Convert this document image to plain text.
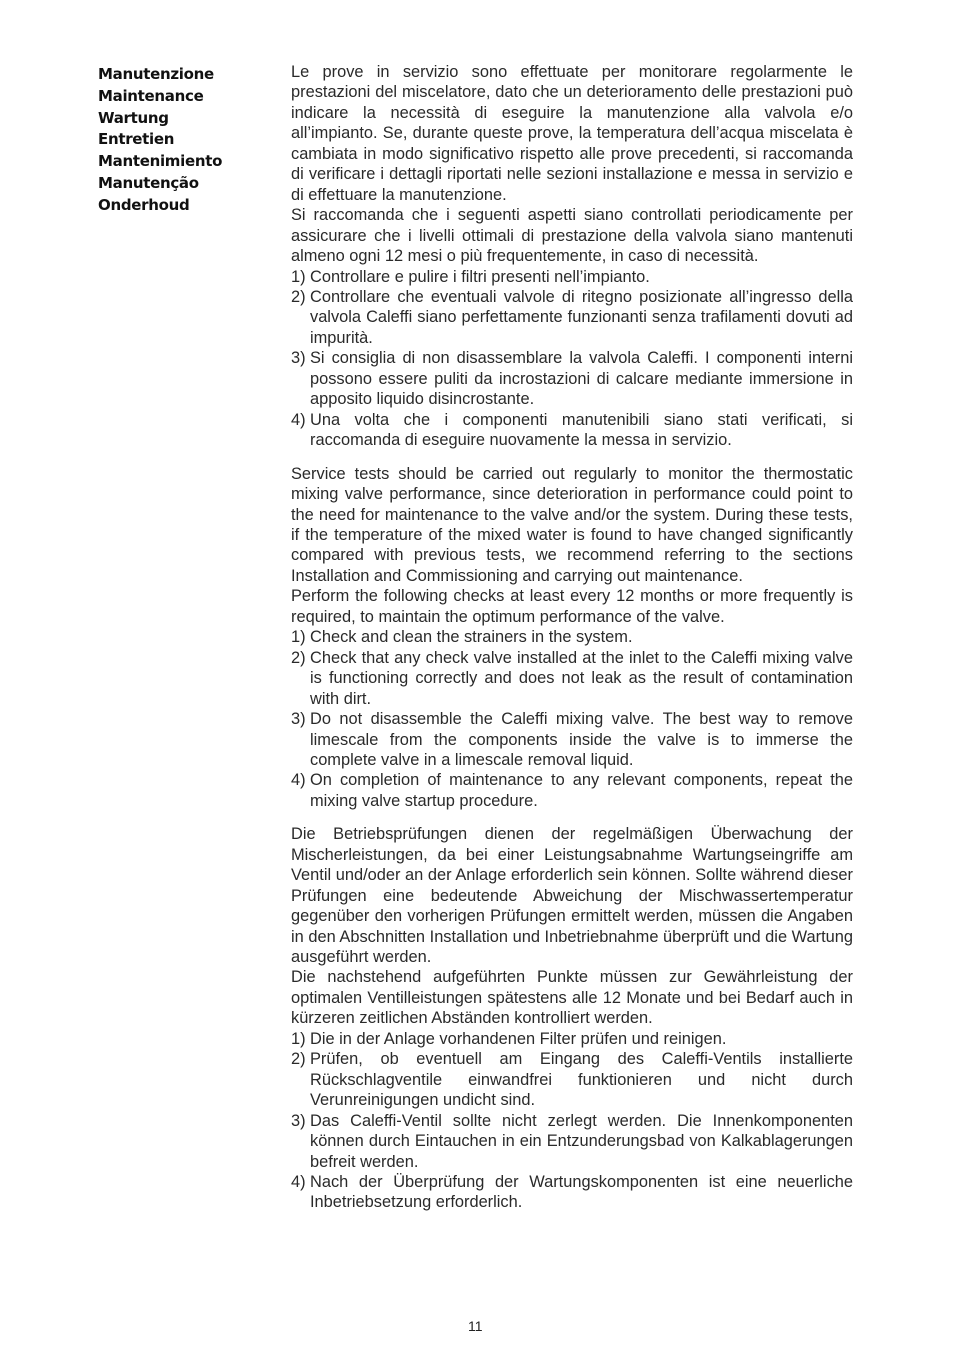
Manutenzione
Maintenance
Wartung
Entretien
Mantenimiento
Manutenção
Onderhoud

Le prove in servizio sono effettuate per monitorare regolarmente le prestazioni del miscelatore, dato che un deterioramento delle prestazioni può indicare la necessità di eseguire la manutenzione alla valvola e/o all’impianto. Se, durante queste prove, la temperatura dell’acqua miscelata è cambiata in modo significativo rispetto alle prove precedenti, si raccomanda di verificare i dettagli riportati nelle sezioni installazione e messa in servizio e di effettuare la manutenzione.

Si raccomanda che i seguenti aspetti siano controllati periodicamente per assicurare che i livelli ottimali di prestazione della valvola siano mantenuti almeno ogni 12 mesi o più frequentemente, in caso di necessità.

1) Controllare e pulire i filtri presenti nell’impianto.
2) Controllare che eventuali valvole di ritegno posizionate all’ingresso della valvola Caleffi siano perfettamente funzionanti senza trafilamenti dovuti ad impurità.
3) Si consiglia di non disassemblare la valvola Caleffi. I componenti interni possono essere puliti da incrostazioni di calcare mediante immersione in apposito liquido disincrostante.
4) Una volta che i componenti manutenibili siano stati verificati, si raccomanda di eseguire nuovamente la messa in servizio.

Service tests should be carried out regularly to monitor the thermostatic mixing valve performance, since deterioration in performance could point to the need for maintenance to the valve and/or the system. During these tests, if the temperature of the mixed water is found to have changed significantly compared with previous tests, we recommend referring to the sections Installation and Commissioning and carrying out maintenance.

Perform the following checks at least every 12 months or more frequently is required, to maintain the optimum performance of the valve.

1) Check and clean the strainers in the system.
2) Check that any check valve installed at the inlet to the Caleffi mixing valve is functioning correctly and does not leak as the result of contamination with dirt.
3) Do not disassemble the Caleffi mixing valve. The best way to remove limescale from the components inside the valve is to immerse the complete valve in a limescale removal liquid.
4) On completion of maintenance to any relevant components, repeat the mixing valve startup procedure.

Die Betriebsprüfungen dienen der regelmäßigen Überwachung der Mischerleistungen, da bei einer Leistungsabnahme Wartungseingriffe am Ventil und/oder an der Anlage erforderlich sein können. Sollte während dieser Prüfungen eine bedeutende Abweichung der Mischwassertemperatur gegenüber den vorherigen Prüfungen ermittelt werden, müssen die Angaben in den Abschnitten Installation und Inbetriebnahme überprüft und die Wartung ausgeführt werden.

Die nachstehend aufgeführten Punkte müssen zur Gewährleistung der optimalen Ventilleistungen spätestens alle 12 Monate und bei Bedarf auch in kürzeren zeitlichen Abständen kontrolliert werden.

1) Die in der Anlage vorhandenen Filter prüfen und reinigen.
2) Prüfen, ob eventuell am Eingang des Caleffi-Ventils installierte Rückschlagventile einwandfrei funktionieren und nicht durch Verunreinigungen undicht sind.
3) Das Caleffi-Ventil sollte nicht zerlegt werden. Die Innenkomponenten können durch Eintauchen in ein Entzunderungsbad von Kalkablagerungen befreit werden.
4) Nach der Überprüfung der Wartungskomponenten ist eine neuerliche Inbetriebsetzung erforderlich.
11
